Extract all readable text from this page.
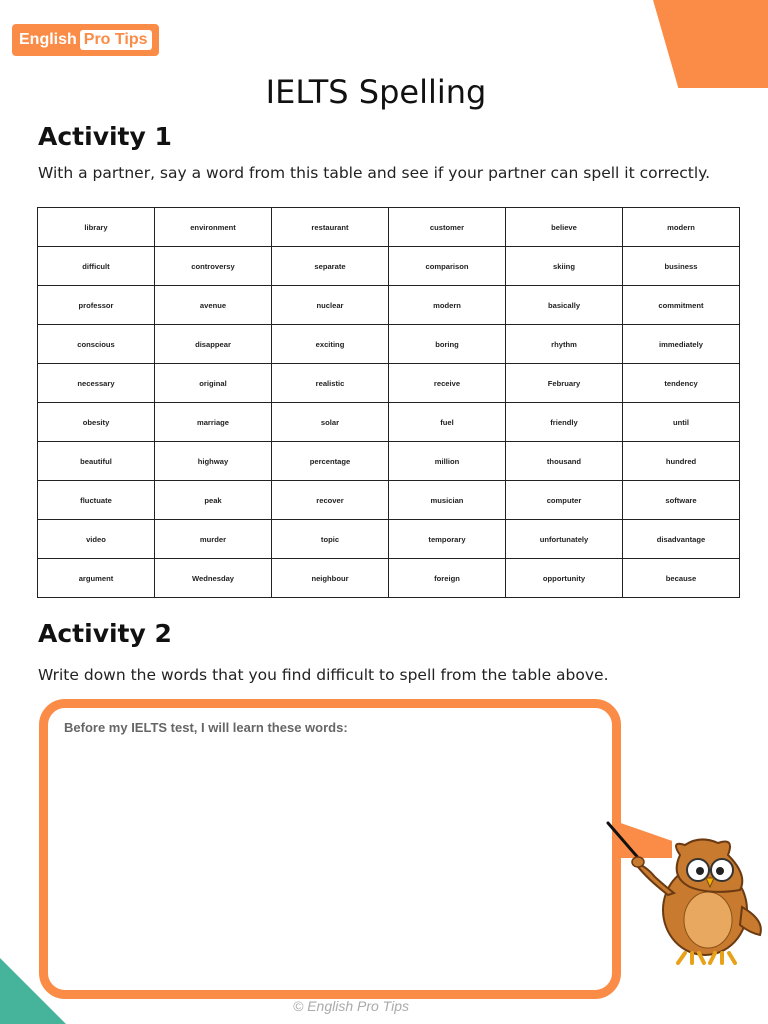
English Pro Tips
IELTS Spelling
Activity 1
With a partner, say a word from this table and see if your partner can spell it correctly.
library	environment	restaurant	customer	believe	modern
difficult	controversy	separate	comparison	skiing	business
professor	avenue	nuclear	modern	basically	commitment
conscious	disappear	exciting	boring	rhythm	immediately
necessary	original	realistic	receive	February	tendency
obesity	marriage	solar	fuel	friendly	until
beautiful	highway	percentage	million	thousand	hundred
fluctuate	peak	recover	musician	computer	software
video	murder	topic	temporary	unfortunately	disadvantage
argument	Wednesday	neighbour	foreign	opportunity	because
Activity 2
Write down the words that you find difficult to spell from the table above.
Before my IELTS test, I will learn these words:
© English Pro Tips
